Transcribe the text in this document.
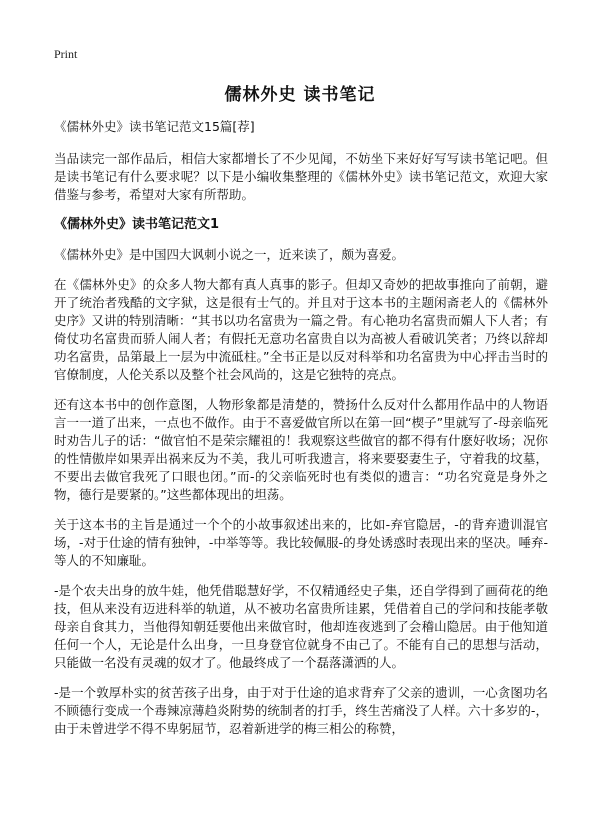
Print
儒林外史 读书笔记

《儒林外史》读书笔记范文15篇[荐]

当品读完一部作品后，相信大家都增长了不少见闻，不妨坐下来好好写写读书笔记吧。但是读书笔记有什么要求呢？以下是小编收集整理的《儒林外史》读书笔记范文，欢迎大家借鉴与参考，希望对大家有所帮助。

《儒林外史》读书笔记范文1

《儒林外史》是中国四大讽刺小说之一，近来读了，颇为喜爱。

在《儒林外史》的众多人物大都有真人真事的影子。但却又奇妙的把故事推向了前朝，避开了统治者残酷的文字狱，这是很有士气的。并且对于这本书的主题闲斋老人的《儒林外史序》又讲的特别清晰：“其书以功名富贵为一篇之骨。有心艳功名富贵而媚人下人者；有倚仗功名富贵而骄人闹人者；有假托无意功名富贵自以为高被人看破讥笑者；乃终以辞却功名富贵，品第最上一层为中流砥柱。”全书正是以反对科举和功名富贵为中心抨击当时的官僚制度，人伦关系以及整个社会风尚的，这是它独特的亮点。

还有这本书中的创作意图，人物形象都是清楚的，赞扬什么反对什么都用作品中的人物语言一一道了出来，一点也不做作。由于不喜爱做官所以在第一回“楔子”里就写了-母亲临死时劝告儿子的话：“做官怕不是荣宗耀祖的！我观察这些做官的都不得有什麽好收场；况你的性情傲岸如果弄出祸来反为不美，我儿可听我遗言，将来要娶妻生子，守着我的坟墓，不要出去做官我死了口眼也闭。”而-的父亲临死时也有类似的遗言：“功名究竟是身外之物，德行是要紧的。”这些都体现出的坦荡。

关于这本书的主旨是通过一个个的小故事叙述出来的，比如-弃官隐居，-的背弃遗训混官场，-对于仕途的情有独钟，-中举等等。我比较佩服-的身处诱惑时表现出来的坚决。唾弃-等人的不知廉耻。

-是个农夫出身的放牛娃，他凭借聪慧好学，不仅精通经史子集，还自学得到了画荷花的绝技，但从来没有迈进科举的轨道，从不被功名富贵所诖累，凭借着自己的学问和技能孝敬母亲自食其力，当他得知朝廷要他出来做官时，他却连夜逃到了会稽山隐居。由于他知道任何一个人，无论是什么出身，一旦身登官位就身不由己了。不能有自己的思想与活动，只能做一名没有灵魂的奴才了。他最终成了一个磊落潇洒的人。

-是一个敦厚朴实的贫苦孩子出身，由于对于仕途的追求背弃了父亲的遗训，一心贪图功名不顾德行变成一个毒辣凉薄趋炎附势的统制者的打手，终生苦痛没了人样。六十多岁的-，由于未曾进学不得不卑躬屈节，忍着新进学的梅三相公的称赞，
